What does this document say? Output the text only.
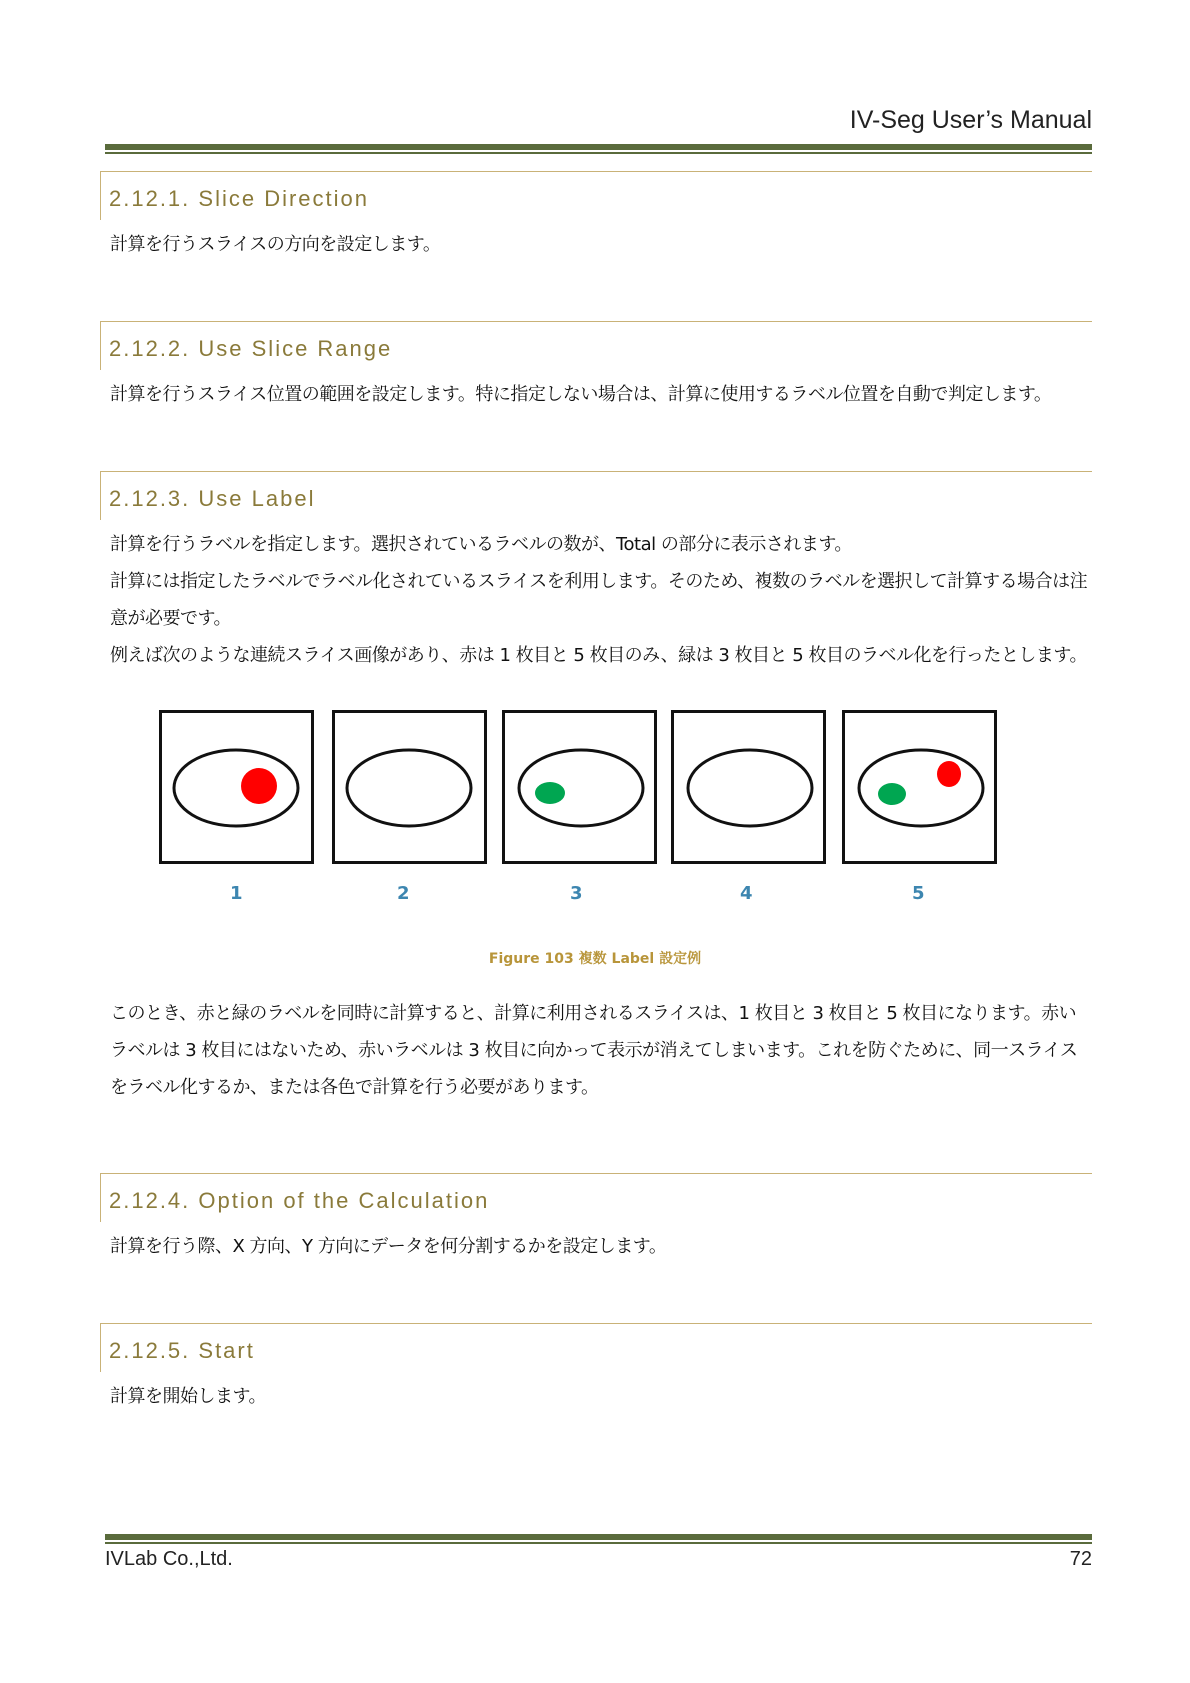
IV-Seg User’s Manual
2.12.1. Slice Direction

計算を行うスライスの方向を設定します。

2.12.2. Use Slice Range

計算を行うスライス位置の範囲を設定します。特に指定しない場合は、計算に使用するラベル位置を自動で判定します。

2.12.3. Use Label

計算を行うラベルを指定します。選択されているラベルの数が、Total の部分に表示されます。

計算には指定したラベルでラベル化されているスライスを利用します。そのため、複数のラベルを選択して計算する場合は注意が必要です。

例えば次のような連続スライス画像があり、赤は 1 枚目と 5 枚目のみ、緑は 3 枚目と 5 枚目のラベル化を行ったとします。

1	2	3	4	5
Figure 103 複数 Label 設定例

このとき、赤と緑のラベルを同時に計算すると、計算に利用されるスライスは、1 枚目と 3 枚目と 5 枚目になります。赤いラベルは 3 枚目にはないため、赤いラベルは 3 枚目に向かって表示が消えてしまいます。これを防ぐために、同一スライスをラベル化するか、または各色で計算を行う必要があります。

2.12.4. Option of the Calculation

計算を行う際、X 方向、Y 方向にデータを何分割するかを設定します。

2.12.5. Start

計算を開始します。

IVLab Co.,Ltd.	72
